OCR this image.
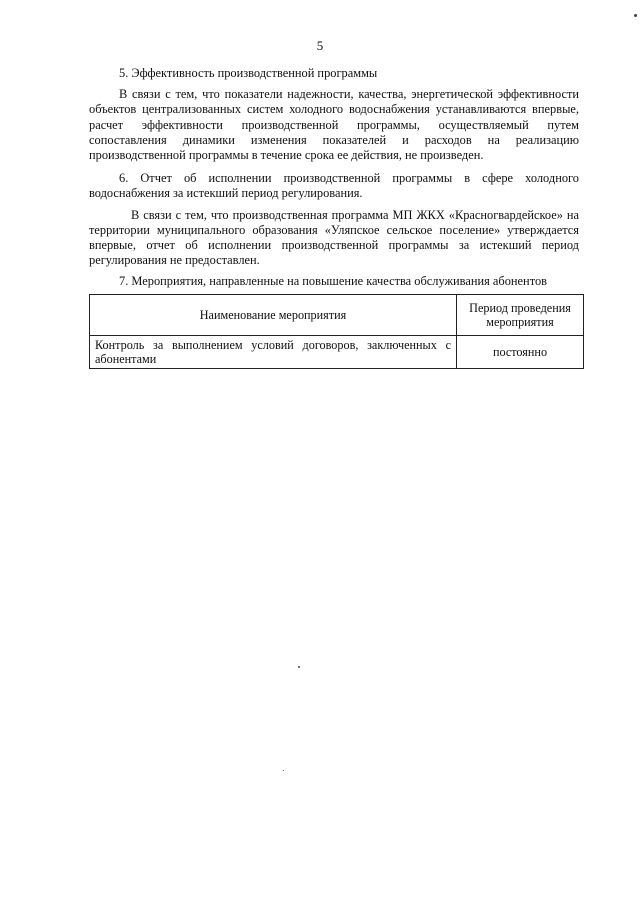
5

5. Эффективность производственной программы

В связи с тем, что показатели надежности, качества, энергетической эффективности объектов централизованных систем холодного водоснабжения устанавливаются впервые, расчет эффективности производственной программы, осуществляемый путем сопоставления динамики изменения показателей и расходов на реализацию производственной программы в течение срока ее действия, не произведен.

6. Отчет об исполнении производственной программы в сфере холодного водоснабжения за истекший период регулирования.

В связи с тем, что производственная программа МП ЖКХ «Красногвардейское» на территории муниципального образования «Уляпское сельское поселение» утверждается впервые, отчет об исполнении производственной программы за истекший период регулирования не предоставлен.

7. Мероприятия, направленные на повышение качества обслуживания абонентов

Наименование мероприятия	Период проведения мероприятия
Контроль за выполнением условий договоров, заключенных с абонентами	постоянно
